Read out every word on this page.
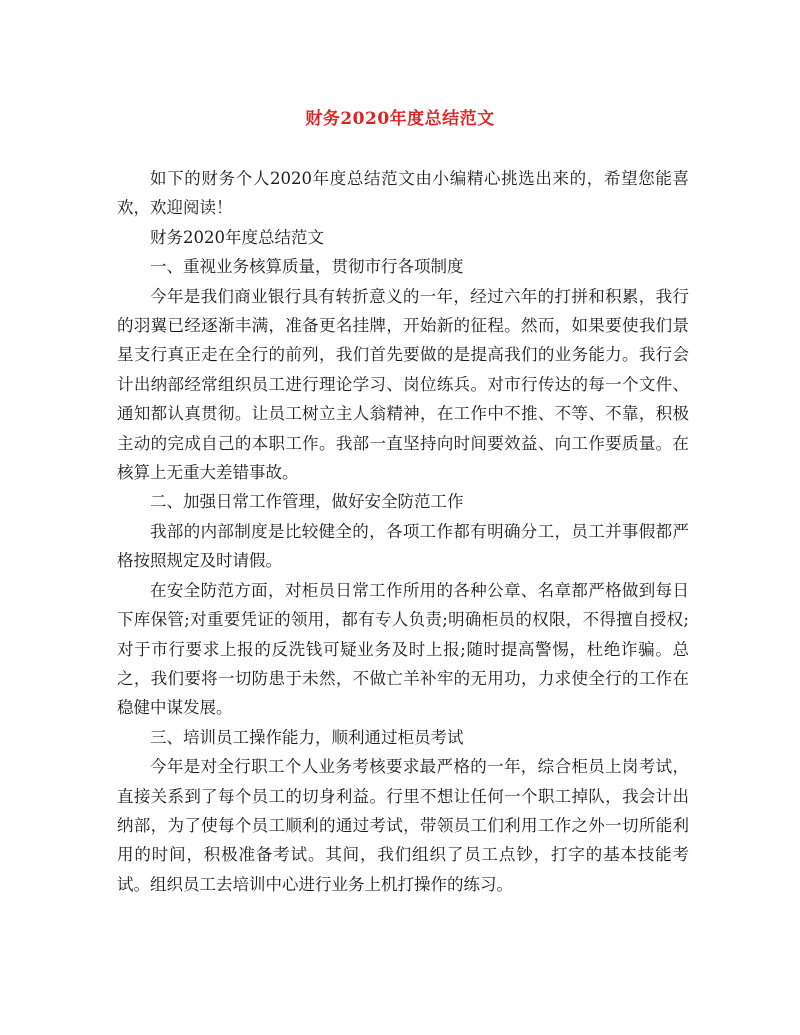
财务2020年度总结范文

如下的财务个人2020年度总结范文由小编精心挑选出来的，希望您能喜欢，欢迎阅读！

财务2020年度总结范文

一、重视业务核算质量，贯彻市行各项制度

今年是我们商业银行具有转折意义的一年，经过六年的打拼和积累，我行的羽翼已经逐渐丰满，准备更名挂牌，开始新的征程。然而，如果要使我们景星支行真正走在全行的前列，我们首先要做的是提高我们的业务能力。我行会计出纳部经常组织员工进行理论学习、岗位练兵。对市行传达的每一个文件、通知都认真贯彻。让员工树立主人翁精神，在工作中不推、不等、不靠，积极主动的完成自己的本职工作。我部一直坚持向时间要效益、向工作要质量。在核算上无重大差错事故。

二、加强日常工作管理，做好安全防范工作

我部的内部制度是比较健全的，各项工作都有明确分工，员工并事假都严格按照规定及时请假。

在安全防范方面，对柜员日常工作所用的各种公章、名章都严格做到每日下库保管;对重要凭证的领用，都有专人负责;明确柜员的权限，不得擅自授权;对于市行要求上报的反洗钱可疑业务及时上报;随时提高警惕，杜绝诈骗。总之，我们要将一切防患于未然，不做亡羊补牢的无用功，力求使全行的工作在稳健中谋发展。

三、培训员工操作能力，顺利通过柜员考试

今年是对全行职工个人业务考核要求最严格的一年，综合柜员上岗考试，直接关系到了每个员工的切身利益。行里不想让任何一个职工掉队，我会计出纳部，为了使每个员工顺利的通过考试，带领员工们利用工作之外一切所能利用的时间，积极准备考试。其间，我们组织了员工点钞，打字的基本技能考试。组织员工去培训中心进行业务上机打操作的练习。
